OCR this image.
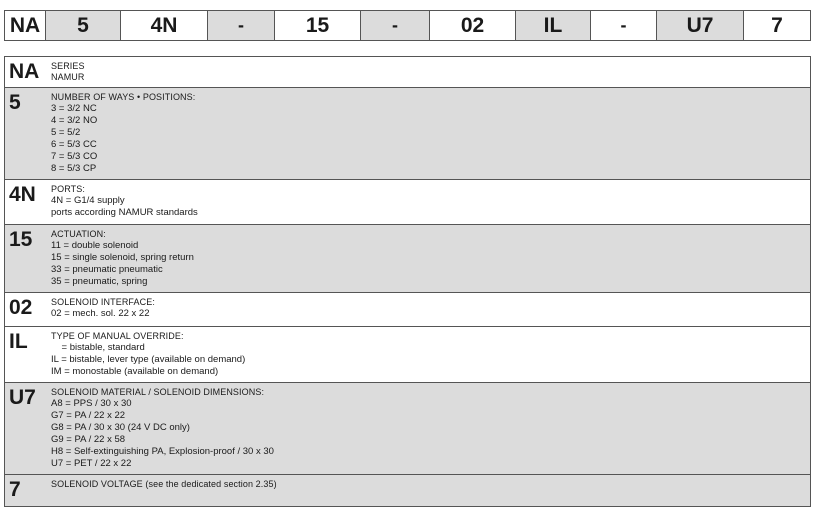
NA	5	4N	-	15	-	02	IL	-	U7	7
NA	SERIES
NAMUR
5	NUMBER OF WAYS • POSITIONS:
3 = 3/2 NC
4 = 3/2 NO
5 = 5/2
6 = 5/3 CC
7 = 5/3 CO
8 = 5/3 CP
4N	PORTS:
4N = G1/4 supply
ports according NAMUR standards
15	ACTUATION:
11 = double solenoid
15 = single solenoid, spring return
33 = pneumatic pneumatic
35 = pneumatic, spring
02	SOLENOID INTERFACE:
02 = mech. sol. 22 x 22
IL	TYPE OF MANUAL OVERRIDE:
= bistable, standard
IL = bistable, lever type (available on demand)
IM = monostable (available on demand)
U7	SOLENOID MATERIAL / SOLENOID DIMENSIONS:
A8 = PPS / 30 x 30
G7 = PA / 22 x 22
G8 = PA / 30 x 30 (24 V DC only)
G9 = PA / 22 x 58
H8 = Self-extinguishing PA, Explosion-proof / 30 x 30
U7 = PET / 22 x 22
7	SOLENOID VOLTAGE (see the dedicated section 2.35)
